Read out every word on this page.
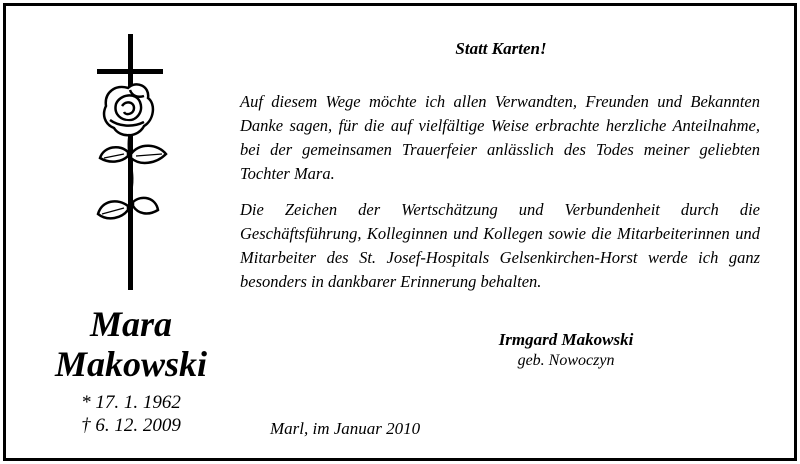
Mara
Makowski
* 17. 1. 1962
† 6. 12. 2009
Statt Karten!
Auf diesem Wege möchte ich allen Verwandten, Freunden und Bekannten Danke sagen, für die auf vielfältige Weise erbrachte herzliche Anteilnahme, bei der gemeinsamen Trauerfeier anlässlich des Todes meiner geliebten Tochter Mara.
Die Zeichen der Wertschätzung und Verbundenheit durch die Geschäftsführung, Kolleginnen und Kollegen sowie die Mitarbeiterinnen und Mitarbeiter des St. Josef-Hospitals Gelsenkirchen-Horst werde ich ganz besonders in dankbarer Erinnerung behalten.
Irmgard Makowski
geb. Nowoczyn
Marl, im Januar 2010
